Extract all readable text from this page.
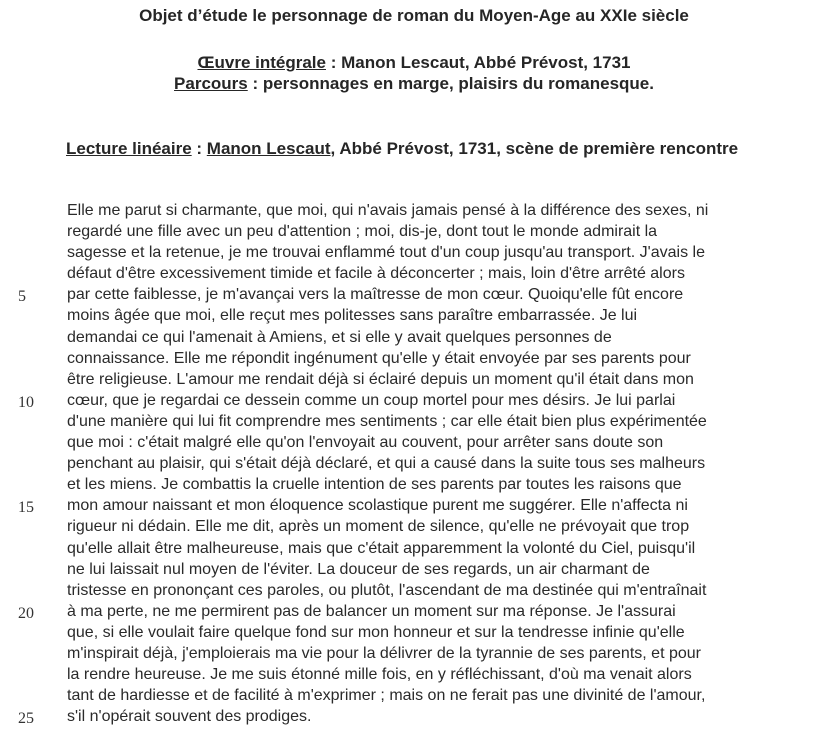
Objet d’étude le personnage de roman du Moyen-Age au XXIe siècle
Œuvre intégrale : Manon Lescaut, Abbé Prévost, 1731
Parcours : personnages en marge, plaisirs du romanesque.
Lecture linéaire : Manon Lescaut, Abbé Prévost, 1731, scène de première rencontre
Elle me parut si charmante, que moi, qui n'avais jamais pensé à la différence des sexes, ni
regardé une fille avec un peu d'attention ; moi, dis-je, dont tout le monde admirait la
sagesse et la retenue, je me trouvai enflammé tout d'un coup jusqu'au transport. J'avais le
défaut d'être excessivement timide et facile à déconcerter ; mais, loin d'être arrêté alors
par cette faiblesse, je m'avançai vers la maîtresse de mon cœur. Quoiqu'elle fût encore
moins âgée que moi, elle reçut mes politesses sans paraître embarrassée. Je lui
demandai ce qui l'amenait à Amiens, et si elle y avait quelques personnes de
connaissance. Elle me répondit ingénument qu'elle y était envoyée par ses parents pour
être religieuse. L'amour me rendait déjà si éclairé depuis un moment qu'il était dans mon
cœur, que je regardai ce dessein comme un coup mortel pour mes désirs. Je lui parlai
d'une manière qui lui fit comprendre mes sentiments ; car elle était bien plus expérimentée
que moi : c'était malgré elle qu'on l'envoyait au couvent, pour arrêter sans doute son
penchant au plaisir, qui s'était déjà déclaré, et qui a causé dans la suite tous ses malheurs
et les miens. Je combattis la cruelle intention de ses parents par toutes les raisons que
mon amour naissant et mon éloquence scolastique purent me suggérer. Elle n'affecta ni
rigueur ni dédain. Elle me dit, après un moment de silence, qu'elle ne prévoyait que trop
qu'elle allait être malheureuse, mais que c'était apparemment la volonté du Ciel, puisqu'il
ne lui laissait nul moyen de l'éviter. La douceur de ses regards, un air charmant de
tristesse en prononçant ces paroles, ou plutôt, l'ascendant de ma destinée qui m'entraînait
à ma perte, ne me permirent pas de balancer un moment sur ma réponse. Je l'assurai
que, si elle voulait faire quelque fond sur mon honneur et sur la tendresse infinie qu'elle
m'inspirait déjà, j'emploierais ma vie pour la délivrer de la tyrannie de ses parents, et pour
la rendre heureuse. Je me suis étonné mille fois, en y réfléchissant, d'où ma venait alors
tant de hardiesse et de facilité à m'exprimer ; mais on ne ferait pas une divinité de l'amour,
s'il n'opérait souvent des prodiges.
5
10
15
20
25
